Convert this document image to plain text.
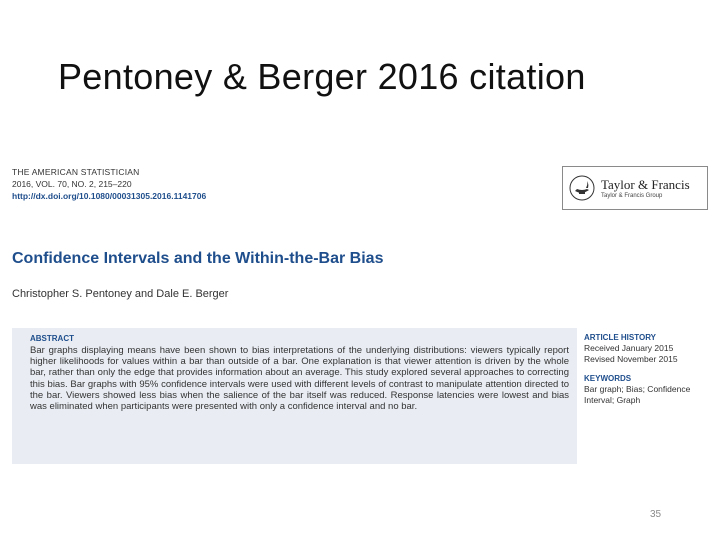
Pentoney & Berger 2016 citation
THE AMERICAN STATISTICIAN
2016, VOL. 70, NO. 2, 215–220
http://dx.doi.org/10.1080/00031305.2016.1141706
Taylor & Francis
Taylor & Francis Group
Confidence Intervals and the Within-the-Bar Bias
Christopher S. Pentoney and Dale E. Berger
ABSTRACT
Bar graphs displaying means have been shown to bias interpretations of the underlying distributions: viewers typically report higher likelihoods for values within a bar than outside of a bar. One explanation is that viewer attention is driven by the whole bar, rather than only the edge that provides information about an average. This study explored several approaches to correcting this bias. Bar graphs with 95% confidence intervals were used with different levels of contrast to manipulate attention directed to the bar. Viewers showed less bias when the salience of the bar itself was reduced. Response latencies were lowest and bias was eliminated when participants were presented with only a confidence interval and no bar.
ARTICLE HISTORY
Received January 2015
Revised November 2015
KEYWORDS
Bar graph; Bias; Confidence Interval; Graph
35
